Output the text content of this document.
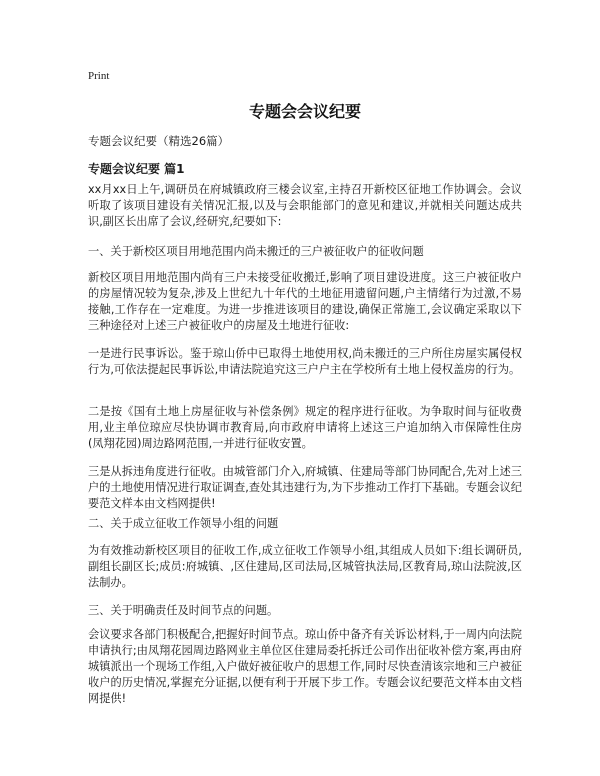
Print
专题会会议纪要
专题会议纪要（精选26篇）
专题会议纪要 篇1

xx月xx日上午,调研员在府城镇政府三楼会议室,主持召开新校区征地工作协调会。会议听取了该项目建设有关情况汇报,以及与会职能部门的意见和建议,并就相关问题达成共识,副区长出席了会议,经研究,纪要如下:

一、关于新校区项目用地范围内尚未搬迁的三户被征收户的征收问题

新校区项目用地范围内尚有三户未接受征收搬迁,影响了项目建设进度。这三户被征收户的房屋情况较为复杂,涉及上世纪九十年代的土地征用遗留问题,户主情绪行为过激,不易接触,工作存在一定难度。为进一步推进该项目的建设,确保正常施工,会议确定采取以下三种途径对上述三户被征收户的房屋及土地进行征收:

一是进行民事诉讼。鉴于琼山侨中已取得土地使用权,尚未搬迁的三户所住房屋实属侵权行为,可依法提起民事诉讼,申请法院追究这三户户主在学校所有土地上侵权盖房的行为。

二是按《国有土地上房屋征收与补偿条例》规定的程序进行征收。为争取时间与征收费用,业主单位琼应尽快协调市教育局,向市政府申请将上述这三户追加纳入市保障性住房(凤翔花园)周边路网范围,一并进行征收安置。

三是从拆违角度进行征收。由城管部门介入,府城镇、住建局等部门协同配合,先对上述三户的土地使用情况进行取证调查,查处其违建行为,为下步推动工作打下基础。专题会议纪要范文样本由文档网提供!

二、关于成立征收工作领导小组的问题

为有效推动新校区项目的征收工作,成立征收工作领导小组,其组成人员如下:组长调研员,副组长副区长;成员:府城镇、,区住建局,区司法局,区城管执法局,区教育局,琼山法院波,区法制办。

三、关于明确责任及时间节点的问题。

会议要求各部门积极配合,把握好时间节点。琼山侨中备齐有关诉讼材料,于一周内向法院申请执行;由凤翔花园周边路网业主单位区住建局委托拆迁公司作出征收补偿方案,再由府城镇派出一个现场工作组,入户做好被征收户的思想工作,同时尽快查清该宗地和三户被征收户的历史情况,掌握充分证据,以便有利于开展下步工作。专题会议纪要范文样本由文档网提供!
